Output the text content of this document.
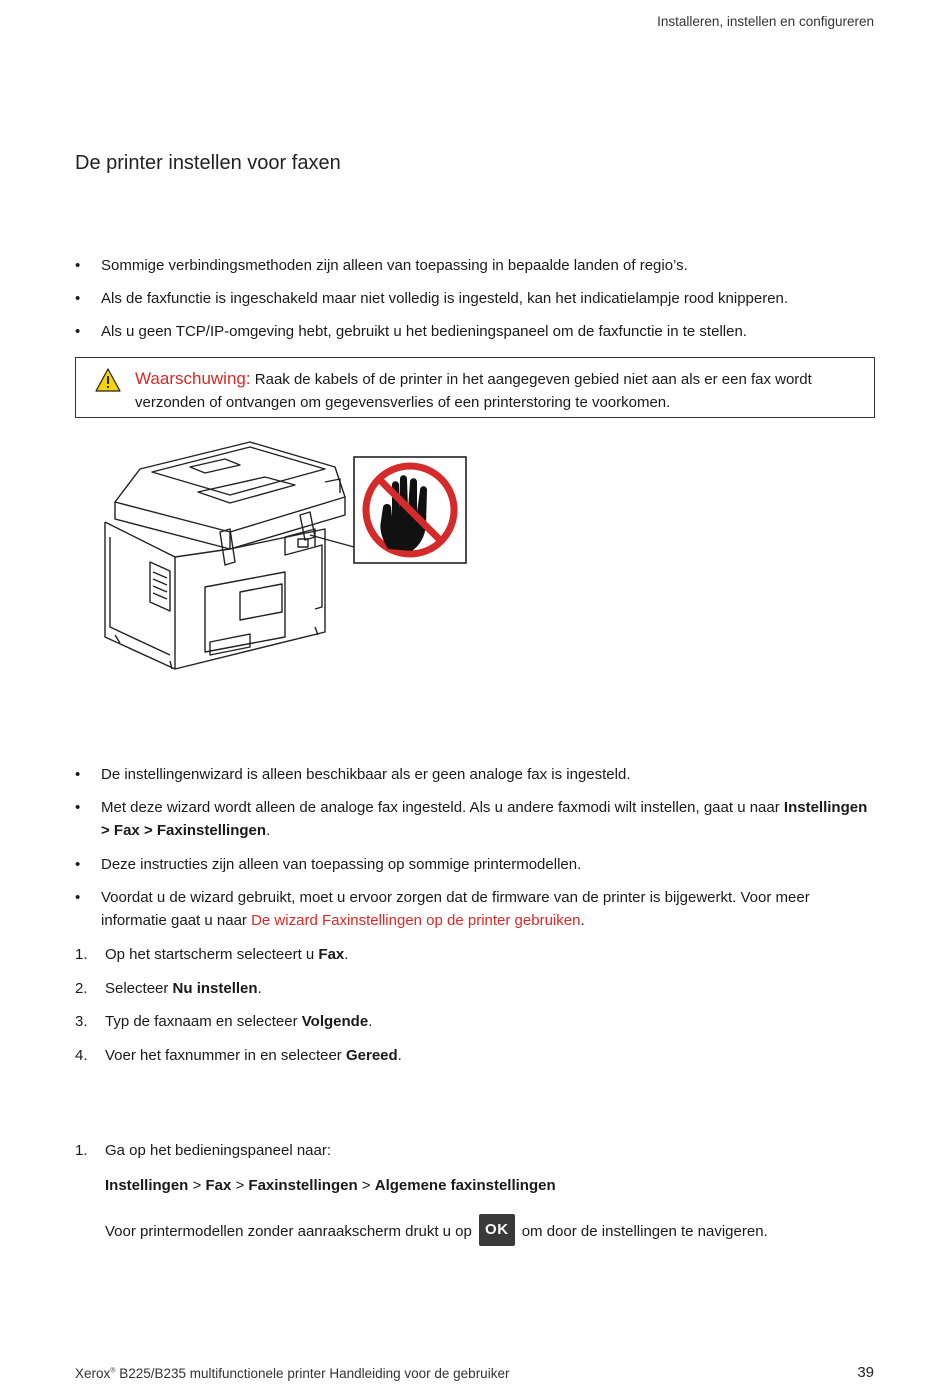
Installeren, instellen en configureren
De printer instellen voor faxen
•	Sommige verbindingsmethoden zijn alleen van toepassing in bepaalde landen of regio’s.
•	Als de faxfunctie is ingeschakeld maar niet volledig is ingesteld, kan het indicatielampje rood knipperen.
•	Als u geen TCP/IP-omgeving hebt, gebruikt u het bedieningspaneel om de faxfunctie in te stellen.
Waarschuwing: Raak de kabels of de printer in het aangegeven gebied niet aan als er een fax wordt verzonden of ontvangen om gegevensverlies of een printerstoring te voorkomen.
•	De instellingenwizard is alleen beschikbaar als er geen analoge fax is ingesteld.
•	Met deze wizard wordt alleen de analoge fax ingesteld. Als u andere faxmodi wilt instellen, gaat u naar Instellingen > Fax > Faxinstellingen.
•	Deze instructies zijn alleen van toepassing op sommige printermodellen.
•	Voordat u de wizard gebruikt, moet u ervoor zorgen dat de firmware van de printer is bijgewerkt. Voor meer informatie gaat u naar De wizard Faxinstellingen op de printer gebruiken.
1. Op het startscherm selecteert u Fax.
2. Selecteer Nu instellen.
3. Typ de faxnaam en selecteer Volgende.
4. Voer het faxnummer in en selecteer Gereed.
1. Ga op het bedieningspaneel naar:
Instellingen > Fax > Faxinstellingen > Algemene faxinstellingen
Voor printermodellen zonder aanraakscherm drukt u op OK om door de instellingen te navigeren.
Xerox® B225/B235 multifunctionele printer Handleiding voor de gebruiker	39
